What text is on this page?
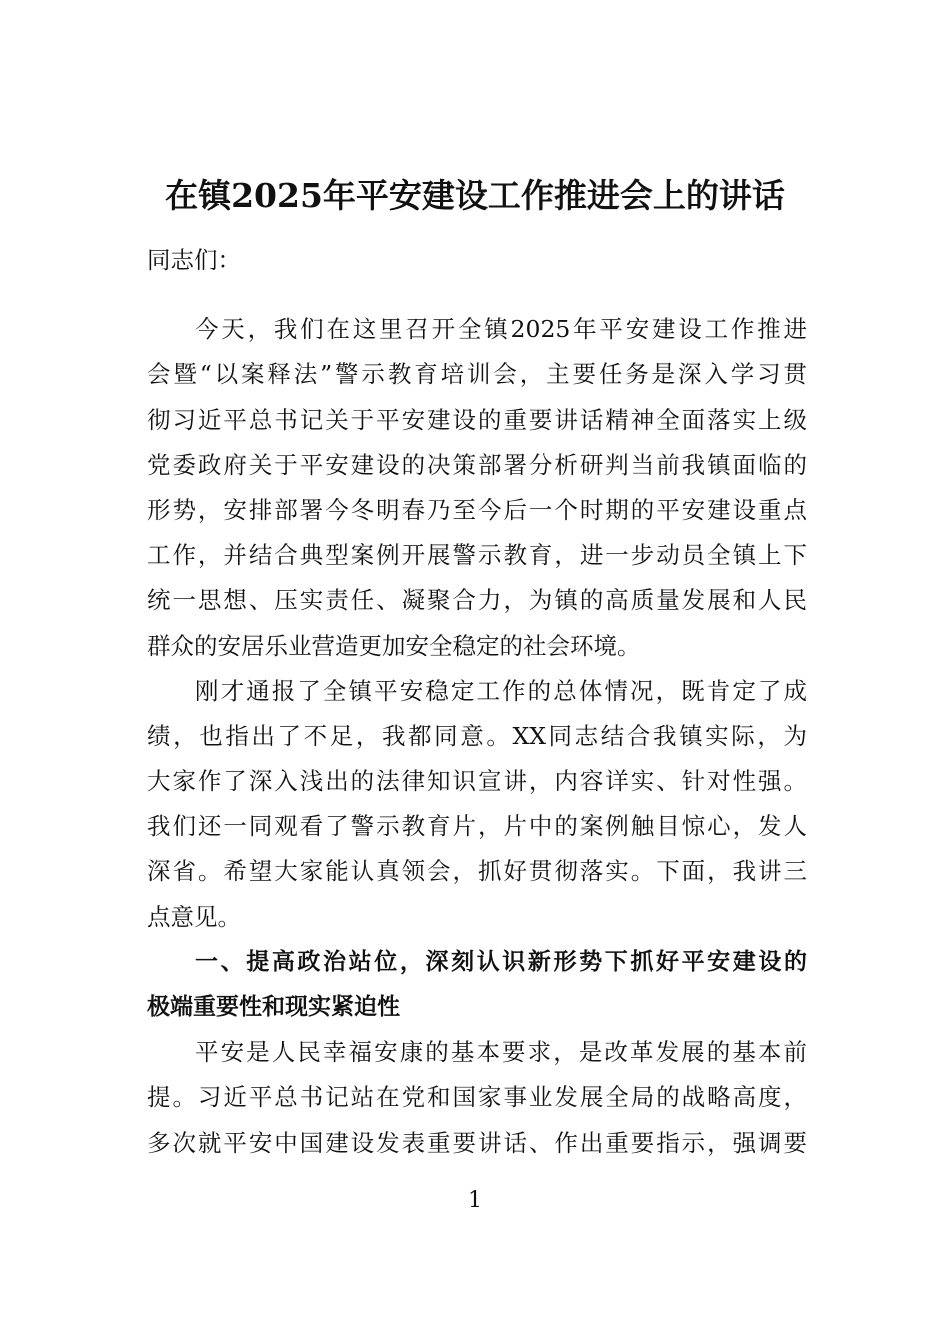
在镇2025年平安建设工作推进会上的讲话
同志们：
今天，我们在这里召开全镇2025年平安建设工作推进
会暨“以案释法”警示教育培训会，主要任务是深入学习贯
彻习近平总书记关于平安建设的重要讲话精神全面落实上级
党委政府关于平安建设的决策部署分析研判当前我镇面临的
形势，安排部署今冬明春乃至今后一个时期的平安建设重点
工作，并结合典型案例开展警示教育，进一步动员全镇上下
统一思想、压实责任、凝聚合力，为镇的高质量发展和人民
群众的安居乐业营造更加安全稳定的社会环境。
刚才通报了全镇平安稳定工作的总体情况，既肯定了成
绩，也指出了不足，我都同意。XX同志结合我镇实际，为
大家作了深入浅出的法律知识宣讲，内容详实、针对性强。
我们还一同观看了警示教育片，片中的案例触目惊心，发人
深省。希望大家能认真领会，抓好贯彻落实。下面，我讲三
点意见。
一、提高政治站位，深刻认识新形势下抓好平安建设的
极端重要性和现实紧迫性
平安是人民幸福安康的基本要求，是改革发展的基本前
提。习近平总书记站在党和国家事业发展全局的战略高度，
多次就平安中国建设发表重要讲话、作出重要指示，强调要
1
